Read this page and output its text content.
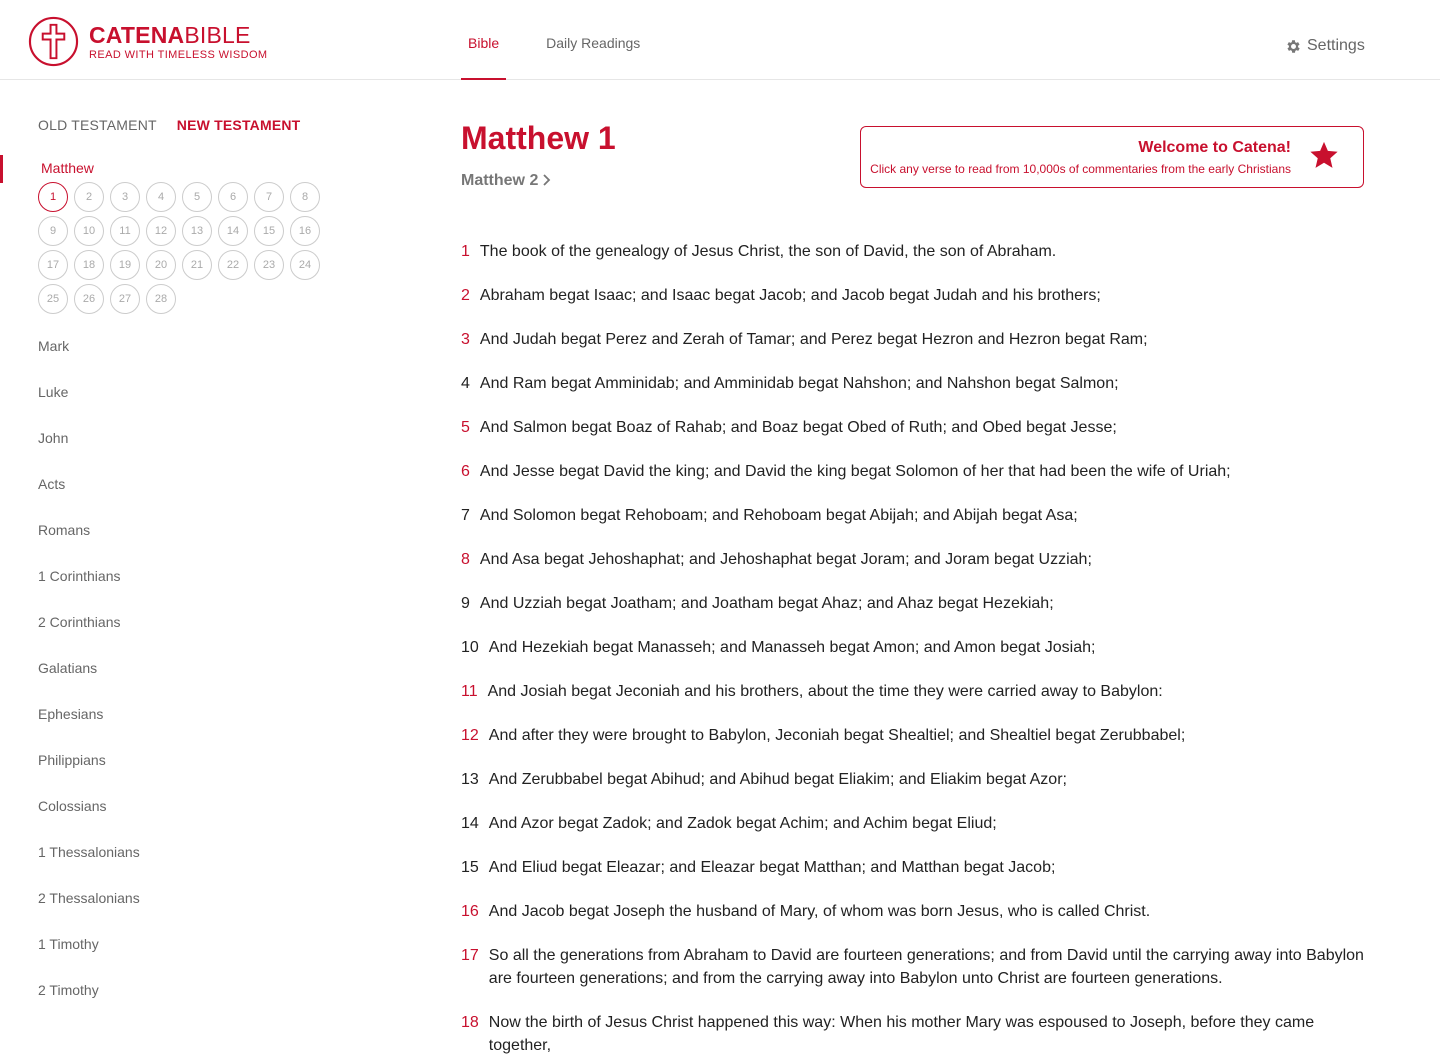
CATENABIBLE
READ WITH TIMELESS WISDOM
Bible	Daily Readings	Settings
OLD TESTAMENT NEW TESTAMENT
Matthew
1	2	3	4	5	6	7	8
9	10	11	12	13	14	15	16
17	18	19	20	21	22	23	24
25	26	27	28
Mark
Luke
John
Acts
Romans
1 Corinthians
2 Corinthians
Galatians
Ephesians
Philippians
Colossians
1 Thessalonians
2 Thessalonians
1 Timothy
2 Timothy
Matthew 1
Matthew 2
Welcome to Catena!
Click any verse to read from 10,000s of commentaries from the early Christians
1 The book of the genealogy of Jesus Christ, the son of David, the son of Abraham.
2 Abraham begat Isaac; and Isaac begat Jacob; and Jacob begat Judah and his brothers;
3 And Judah begat Perez and Zerah of Tamar; and Perez begat Hezron and Hezron begat Ram;
4 And Ram begat Amminidab; and Amminidab begat Nahshon; and Nahshon begat Salmon;
5 And Salmon begat Boaz of Rahab; and Boaz begat Obed of Ruth; and Obed begat Jesse;
6 And Jesse begat David the king; and David the king begat Solomon of her that had been the wife of Uriah;
7 And Solomon begat Rehoboam; and Rehoboam begat Abijah; and Abijah begat Asa;
8 And Asa begat Jehoshaphat; and Jehoshaphat begat Joram; and Joram begat Uzziah;
9 And Uzziah begat Joatham; and Joatham begat Ahaz; and Ahaz begat Hezekiah;
10 And Hezekiah begat Manasseh; and Manasseh begat Amon; and Amon begat Josiah;
11 And Josiah begat Jeconiah and his brothers, about the time they were carried away to Babylon:
12 And after they were brought to Babylon, Jeconiah begat Shealtiel; and Shealtiel begat Zerubbabel;
13 And Zerubbabel begat Abihud; and Abihud begat Eliakim; and Eliakim begat Azor;
14 And Azor begat Zadok; and Zadok begat Achim; and Achim begat Eliud;
15 And Eliud begat Eleazar; and Eleazar begat Matthan; and Matthan begat Jacob;
16 And Jacob begat Joseph the husband of Mary, of whom was born Jesus, who is called Christ.
17 So all the generations from Abraham to David are fourteen generations; and from David until the carrying away into Babylon are fourteen generations; and from the carrying away into Babylon unto Christ are fourteen generations.
18 Now the birth of Jesus Christ happened this way: When his mother Mary was espoused to Joseph, before they came together,
